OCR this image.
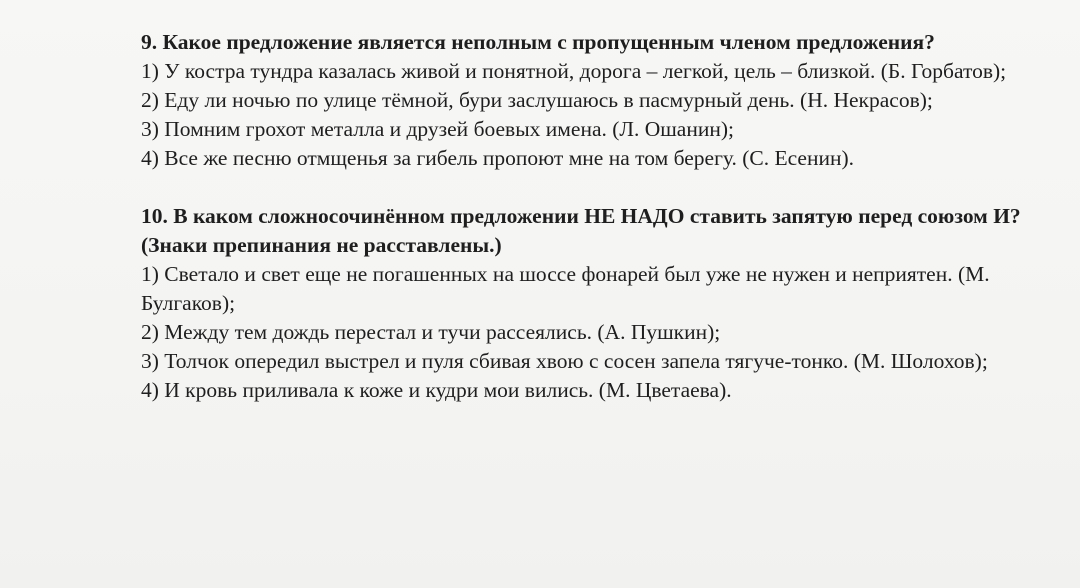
9. Какое предложение является неполным с пропущенным членом предложения?
1) У костра тундра казалась живой и понятной, дорога – легкой, цель – близкой. (Б. Горбатов);
2) Еду ли ночью по улице тёмной, бури заслушаюсь в пасмурный день. (Н. Некрасов);
3) Помним грохот металла и друзей боевых имена. (Л. Ошанин);
4) Все же песню отмщенья за гибель пропоют мне на том берегу. (С. Есенин).
10. В каком сложносочинённом предложении НЕ НАДО ставить запятую перед союзом И? (Знаки препинания не расставлены.)
1) Светало и свет еще не погашенных на шоссе фонарей был уже не нужен и неприятен. (М. Булгаков);
2) Между тем дождь перестал и тучи рассеялись. (А. Пушкин);
3) Толчок опередил выстрел и пуля сбивая хвою с сосен запела тягуче-тонко. (М. Шолохов);
4) И кровь приливала к коже и кудри мои вились. (М. Цветаева).
